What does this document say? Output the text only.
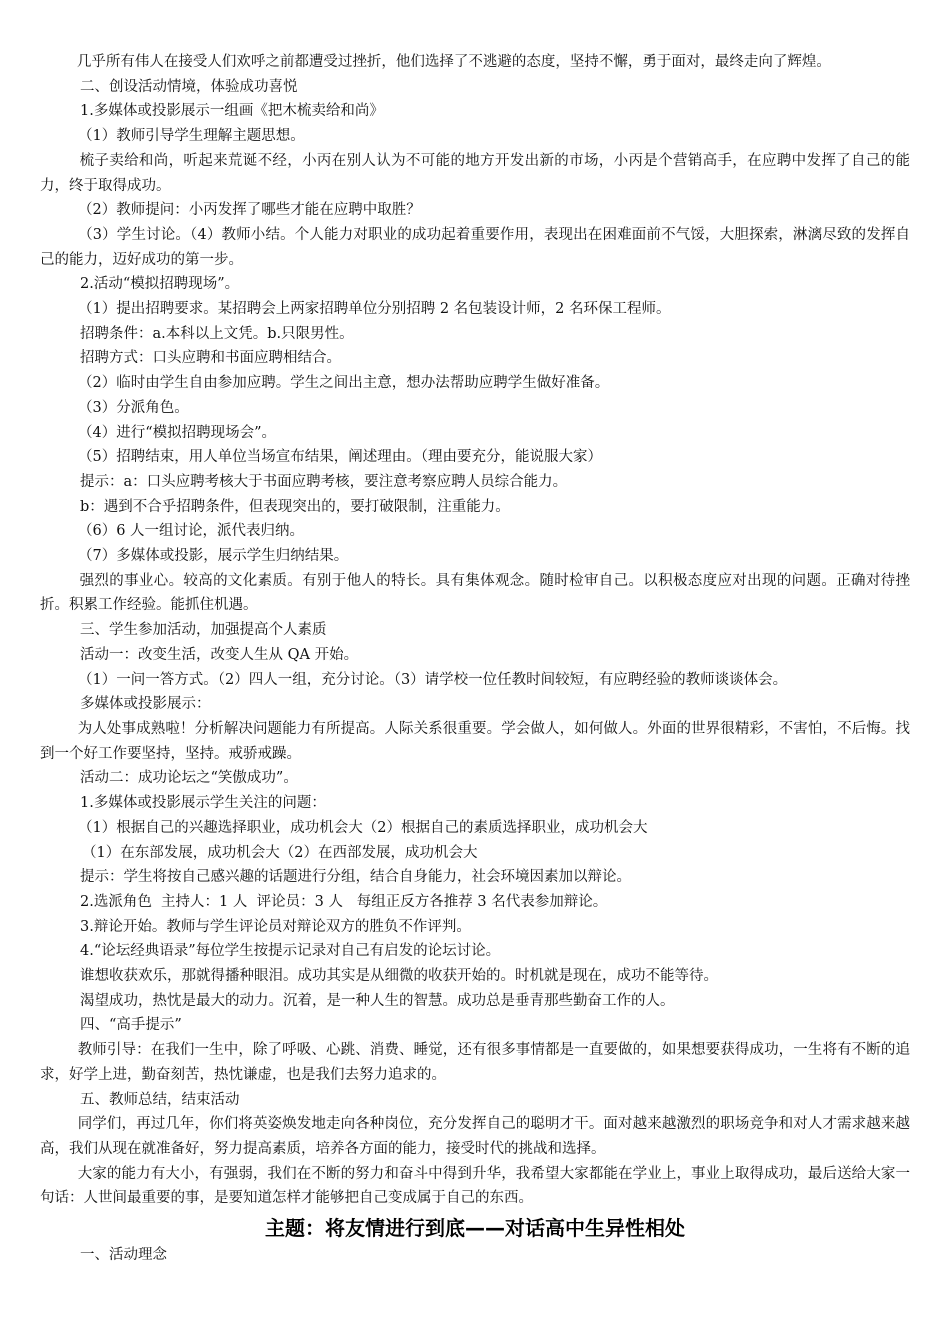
几乎所有伟人在接受人们欢呼之前都遭受过挫折，他们选择了不逃避的态度，坚持不懈，勇于面对，最终走向了辉煌。

二、创设活动情境，体验成功喜悦

1.多媒体或投影展示一组画《把木梳卖给和尚》

（1）教师引导学生理解主题思想。

梳子卖给和尚，听起来荒诞不经，小丙在别人认为不可能的地方开发出新的市场，小丙是个营销高手，在应聘中发挥了自己的能力，终于取得成功。

（2）教师提问：小丙发挥了哪些才能在应聘中取胜？

（3）学生讨论。（4）教师小结。个人能力对职业的成功起着重要作用，表现出在困难面前不气馁，大胆探索，淋漓尽致的发挥自己的能力，迈好成功的第一步。

2.活动“模拟招聘现场”。

（1）提出招聘要求。某招聘会上两家招聘单位分别招聘 2 名包装设计师，2 名环保工程师。

招聘条件：a.本科以上文凭。b.只限男性。

招聘方式：口头应聘和书面应聘相结合。

（2）临时由学生自由参加应聘。学生之间出主意，想办法帮助应聘学生做好准备。

（3）分派角色。

（4）进行“模拟招聘现场会”。

（5）招聘结束，用人单位当场宣布结果，阐述理由。（理由要充分，能说服大家）

提示：a：口头应聘考核大于书面应聘考核，要注意考察应聘人员综合能力。

b：遇到不合乎招聘条件，但表现突出的，要打破限制，注重能力。

（6）6 人一组讨论，派代表归纳。

（7）多媒体或投影，展示学生归纳结果。

强烈的事业心。较高的文化素质。有别于他人的特长。具有集体观念。随时检审自己。以积极态度应对出现的问题。正确对待挫折。积累工作经验。能抓住机遇。

三、学生参加活动，加强提高个人素质

活动一：改变生活，改变人生从 QA 开始。

（1）一问一答方式。（2）四人一组，充分讨论。（3）请学校一位任教时间较短，有应聘经验的教师谈谈体会。

多媒体或投影展示：

为人处事成熟啦！分析解决问题能力有所提高。人际关系很重要。学会做人，如何做人。外面的世界很精彩，不害怕，不后悔。找到一个好工作要坚持，坚持。戒骄戒躁。

活动二：成功论坛之“笑傲成功”。

1.多媒体或投影展示学生关注的问题：

（1）根据自己的兴趣选择职业，成功机会大（2）根据自己的素质选择职业，成功机会大

（1）在东部发展，成功机会大（2）在西部发展，成功机会大

提示：学生将按自己感兴趣的话题进行分组，结合自身能力，社会环境因素加以辩论。

2.选派角色  主持人：1 人  评论员：3 人   每组正反方各推荐 3 名代表参加辩论。

3.辩论开始。教师与学生评论员对辩论双方的胜负不作评判。

4.“论坛经典语录”每位学生按提示记录对自己有启发的论坛讨论。

谁想收获欢乐，那就得播种眼泪。成功其实是从细微的收获开始的。时机就是现在，成功不能等待。

渴望成功，热忱是最大的动力。沉着，是一种人生的智慧。成功总是垂青那些勤奋工作的人。

四、“高手提示”

教师引导：在我们一生中，除了呼吸、心跳、消费、睡觉，还有很多事情都是一直要做的，如果想要获得成功，一生将有不断的追求，好学上进，勤奋刻苦，热忱谦虚，也是我们去努力追求的。

五、教师总结，结束活动

同学们，再过几年，你们将英姿焕发地走向各种岗位，充分发挥自己的聪明才干。面对越来越激烈的职场竞争和对人才需求越来越高，我们从现在就准备好，努力提高素质，培养各方面的能力，接受时代的挑战和选择。

大家的能力有大小，有强弱，我们在不断的努力和奋斗中得到升华，我希望大家都能在学业上，事业上取得成功，最后送给大家一句话：人世间最重要的事，是要知道怎样才能够把自己变成属于自己的东西。

主题：将友情进行到底——对话高中生异性相处

一、活动理念
